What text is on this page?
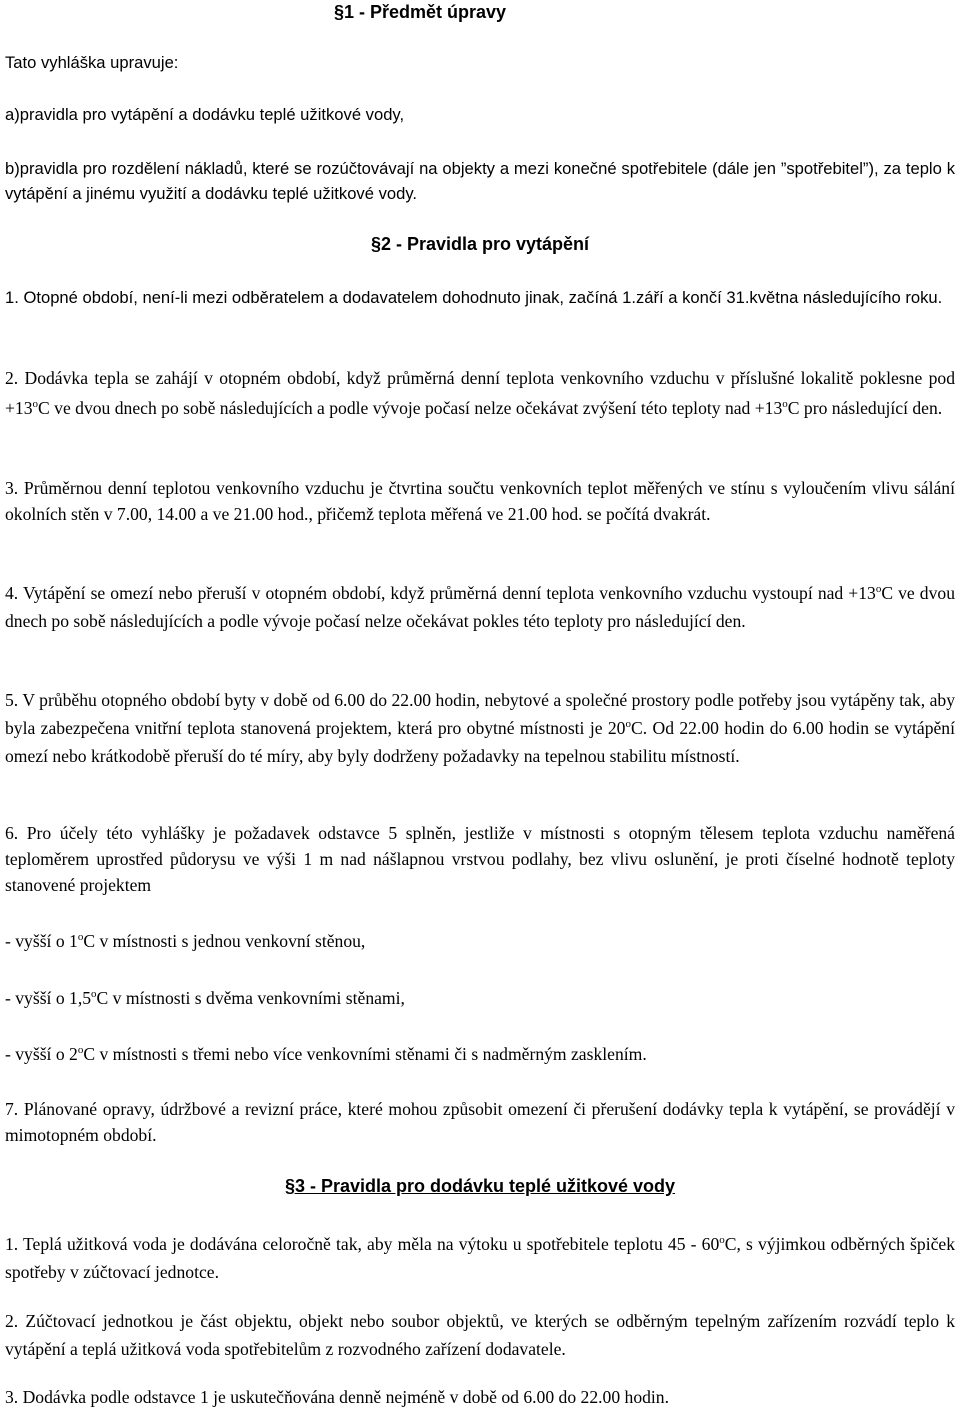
§1 - Předmět úpravy
Tato vyhláška upravuje:
a)pravidla pro vytápění a dodávku teplé užitkové vody,
b)pravidla pro rozdělení nákladů, které se rozúčtovávají na objekty a mezi konečné spotřebitele (dále jen ”spotřebitel”), za teplo k vytápění a jinému využití a dodávku teplé užitkové vody.
§2 - Pravidla pro vytápění
1. Otopné období, není-li mezi odběratelem a dodavatelem dohodnuto jinak, začíná 1.září a končí 31.května následujícího roku.
2. Dodávka tepla se zahájí v otopném období, když průměrná denní teplota venkovního vzduchu v příslušné lokalitě poklesne pod $+13^oC$ ve dvou dnech po sobě následujících a podle vývoje počasí nelze očekávat zvýšení této teploty nad $+13^oC$ pro následující den.
3. Průměrnou denní teplotou venkovního vzduchu je čtvrtina součtu venkovních teplot měřených ve stínu s vyloučením vlivu sálání okolních stěn v 7.00, 14.00 a ve 21.00 hod., přičemž teplota měřená ve 21.00 hod. se počítá dvakrát.
4. Vytápění se omezí nebo přeruší v otopném období, když průměrná denní teplota venkovního vzduchu vystoupí nad $+13^oC$ ve dvou dnech po sobě následujících a podle vývoje počasí nelze očekávat pokles této teploty pro následující den.
5. V průběhu otopného období byty v době od 6.00 do 22.00 hodin, nebytové a společné prostory podle potřeby jsou vytápěny tak, aby byla zabezpečena vnitřní teplota stanovená projektem, která pro obytné místnosti je 20$^o$C. Od 22.00 hodin do 6.00 hodin se vytápění omezí nebo krátkodobě přeruší do té míry, aby byly dodrženy požadavky na tepelnou stabilitu místností.
6. Pro účely této vyhlášky je požadavek odstavce 5 splněn, jestliže v místnosti s otopným tělesem teplota vzduchu naměřená teploměrem uprostřed půdorysu ve výši 1 m nad nášlapnou vrstvou podlahy, bez vlivu oslunění, je proti číselné hodnotě teploty stanovené projektem
- vyšší o 1$^o$C v místnosti s jednou venkovní stěnou,
- vyšší o 1,5$^o$C v místnosti s dvěma venkovními stěnami,
- vyšší o 2$^o$C v místnosti s třemi nebo více venkovními stěnami či s nadměrným zasklením.
7. Plánované opravy, údržbové a revizní práce, které mohou způsobit omezení či přerušení dodávky tepla k vytápění, se provádějí v mimotopném období.
§3 - Pravidla pro dodávku teplé užitkové vody
1. Teplá užitková voda je dodávána celoročně tak, aby měla na výtoku u spotřebitele teplotu 45 - 60$^o$C, s výjimkou odběrných špiček spotřeby v zúčtovací jednotce.
2. Zúčtovací jednotkou je část objektu, objekt nebo soubor objektů, ve kterých se odběrným tepelným zařízením rozvádí teplo k vytápění a teplá užitková voda spotřebitelům z rozvodného zařízení dodavatele.
3. Dodávka podle odstavce 1 je uskutečňována denně nejméně v době od 6.00 do 22.00 hodin.
